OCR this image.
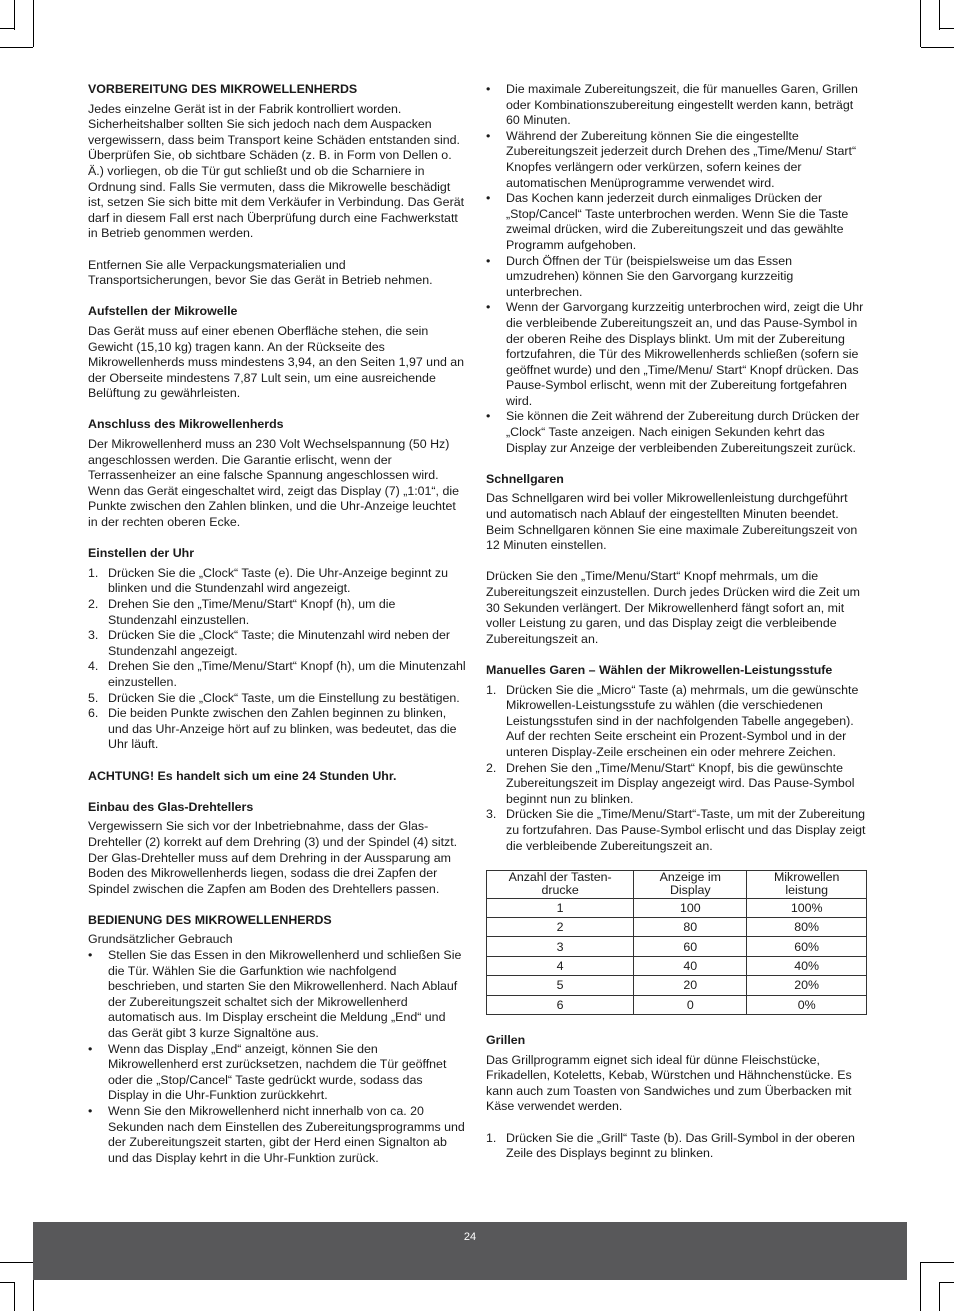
VORBEREITUNG DES MIKROWELLENHERDS

Jedes einzelne Gerät ist in der Fabrik kontrolliert worden. Sicherheitshalber sollten Sie sich jedoch nach dem Auspacken vergewissern, dass beim Transport keine Schäden entstanden sind. Überprüfen Sie, ob sichtbare Schäden (z. B. in Form von Dellen o. Ä.) vorliegen, ob die Tür gut schließt und ob die Scharniere in Ordnung sind. Falls Sie vermuten, dass die Mikrowelle beschädigt ist, setzen Sie sich bitte mit dem Verkäufer in Verbindung. Das Gerät darf in diesem Fall erst nach Überprüfung durch eine Fachwerkstatt in Betrieb genommen werden.

Entfernen Sie alle Verpackungsmaterialien und Transportsicherungen, bevor Sie das Gerät in Betrieb nehmen.

Aufstellen der Mikrowelle

Das Gerät muss auf einer ebenen Oberfläche stehen, die sein Gewicht (15,10 kg) tragen kann. An der Rückseite des Mikrowellenherds muss mindestens 3,94, an den Seiten 1,97 und an der Oberseite mindestens 7,87 Lult sein, um eine ausreichende Belüftung zu gewährleisten.

Anschluss des Mikrowellenherds

Der Mikrowellenherd muss an 230 Volt Wechselspannung (50 Hz) angeschlossen werden. Die Garantie erlischt, wenn der Terrassenheizer an eine falsche Spannung angeschlossen wird. Wenn das Gerät eingeschaltet wird, zeigt das Display (7) „1:01“, die Punkte zwischen den Zahlen blinken, und die Uhr-Anzeige leuchtet in der rechten oberen Ecke.

Einstellen der Uhr
1. Drücken Sie die „Clock“ Taste (e). Die Uhr-Anzeige beginnt zu blinken und die Stundenzahl wird angezeigt.
2. Drehen Sie den „Time/Menu/Start“ Knopf (h), um die Stundenzahl einzustellen.
3. Drücken Sie die „Clock“ Taste; die Minutenzahl wird neben der Stundenzahl angezeigt.
4. Drehen Sie den „Time/Menu/Start“ Knopf (h), um die Minutenzahl einzustellen.
5. Drücken Sie die „Clock“ Taste, um die Einstellung zu bestätigen.
6. Die beiden Punkte zwischen den Zahlen beginnen zu blinken, und das Uhr-Anzeige hört auf zu blinken, was bedeutet, das die Uhr läuft.
ACHTUNG! Es handelt sich um eine 24 Stunden Uhr.
Einbau des Glas-Drehtellers

Vergewissern Sie sich vor der Inbetriebnahme, dass der Glas-Drehteller (2) korrekt auf dem Drehring (3) und der Spindel (4) sitzt. Der Glas-Drehteller muss auf dem Drehring in der Aussparung am Boden des Mikrowellenherds liegen, sodass die drei Zapfen der Spindel zwischen die Zapfen am Boden des Drehtellers passen.

BEDIENUNG DES MIKROWELLENHERDS

Grundsätzlicher Gebrauch

• Stellen Sie das Essen in den Mikrowellenherd und schließen Sie die Tür. Wählen Sie die Garfunktion wie nachfolgend beschrieben, und starten Sie den Mikrowellenherd. Nach Ablauf der Zubereitungszeit schaltet sich der Mikrowellenherd automatisch aus. Im Display erscheint die Meldung „End“ und das Gerät gibt 3 kurze Signaltöne aus.
• Wenn das Display „End“ anzeigt, können Sie den Mikrowellenherd erst zurücksetzen, nachdem die Tür geöffnet oder die „Stop/Cancel“ Taste gedrückt wurde, sodass das Display in die Uhr-Funktion zurückkehrt.
• Wenn Sie den Mikrowellenherd nicht innerhalb von ca. 20 Sekunden nach dem Einstellen des Zubereitungsprogramms und der Zubereitungszeit starten, gibt der Herd einen Signalton ab und das Display kehrt in die Uhr-Funktion zurück.
• Die maximale Zubereitungszeit, die für manuelles Garen, Grillen oder Kombinationszubereitung eingestellt werden kann, beträgt 60 Minuten.
• Während der Zubereitung können Sie die eingestellte Zubereitungszeit jederzeit durch Drehen des „Time/Menu/ Start“ Knopfes verlängern oder verkürzen, sofern keines der automatischen Menüprogramme verwendet wird.
• Das Kochen kann jederzeit durch einmaliges Drücken der „Stop/Cancel“ Taste unterbrochen werden. Wenn Sie die Taste zweimal drücken, wird die Zubereitungszeit und das gewählte Programm aufgehoben.
• Durch Öffnen der Tür (beispielsweise um das Essen umzudrehen) können Sie den Garvorgang kurzzeitig unterbrechen.
• Wenn der Garvorgang kurzzeitig unterbrochen wird, zeigt die Uhr die verbleibende Zubereitungszeit an, und das Pause-Symbol in der oberen Reihe des Displays blinkt. Um mit der Zubereitung fortzufahren, die Tür des Mikrowellenherds schließen (sofern sie geöffnet wurde) und den „Time/Menu/ Start“ Knopf drücken. Das Pause-Symbol erlischt, wenn mit der Zubereitung fortgefahren wird.
• Sie können die Zeit während der Zubereitung durch Drücken der „Clock“ Taste anzeigen. Nach einigen Sekunden kehrt das Display zur Anzeige der verbleibenden Zubereitungszeit zurück.
Schnellgaren

Das Schnellgaren wird bei voller Mikrowellenleistung durchgeführt und automatisch nach Ablauf der eingestellten Minuten beendet.

Beim Schnellgaren können Sie eine maximale Zubereitungszeit von 12 Minuten einstellen.

Drücken Sie den „Time/Menu/Start“ Knopf mehrmals, um die Zubereitungszeit einzustellen. Durch jedes Drücken wird die Zeit um 30 Sekunden verlängert. Der Mikrowellenherd fängt sofort an, mit voller Leistung zu garen, und das Display zeigt die verbleibende Zubereitungszeit an.

Manuelles Garen – Wählen der Mikrowellen-Leistungsstufe
1. Drücken Sie die „Micro“ Taste (a) mehrmals, um die gewünschte Mikrowellen-Leistungsstufe zu wählen (die verschiedenen Leistungsstufen sind in der nachfolgenden Tabelle angegeben). Auf der rechten Seite erscheint ein Prozent-Symbol und in der unteren Display-Zeile erscheinen ein oder mehrere Zeichen.
2. Drehen Sie den „Time/Menu/Start“ Knopf, bis die gewünschte Zubereitungszeit im Display angezeigt wird. Das Pause-Symbol beginnt nun zu blinken.
3. Drücken Sie die „Time/Menu/Start“-Taste, um mit der Zubereitung zu fortzufahren. Das Pause-Symbol erlischt und das Display zeigt die verbleibende Zubereitungszeit an.
Anzahl der Tasten-drucke	Anzeige im Display	Mikrowellen leistung
1	100	100%
2	80	80%
3	60	60%
4	40	40%
5	20	20%
6	0	0%
Grillen

Das Grillprogramm eignet sich ideal für dünne Fleischstücke, Frikadellen, Koteletts, Kebab, Würstchen und Hähnchenstücke. Es kann auch zum Toasten von Sandwiches und zum Überbacken mit Käse verwendet werden.

1. Drücken Sie die „Grill“ Taste (b). Das Grill-Symbol in der oberen Zeile des Displays beginnt zu blinken.
24
